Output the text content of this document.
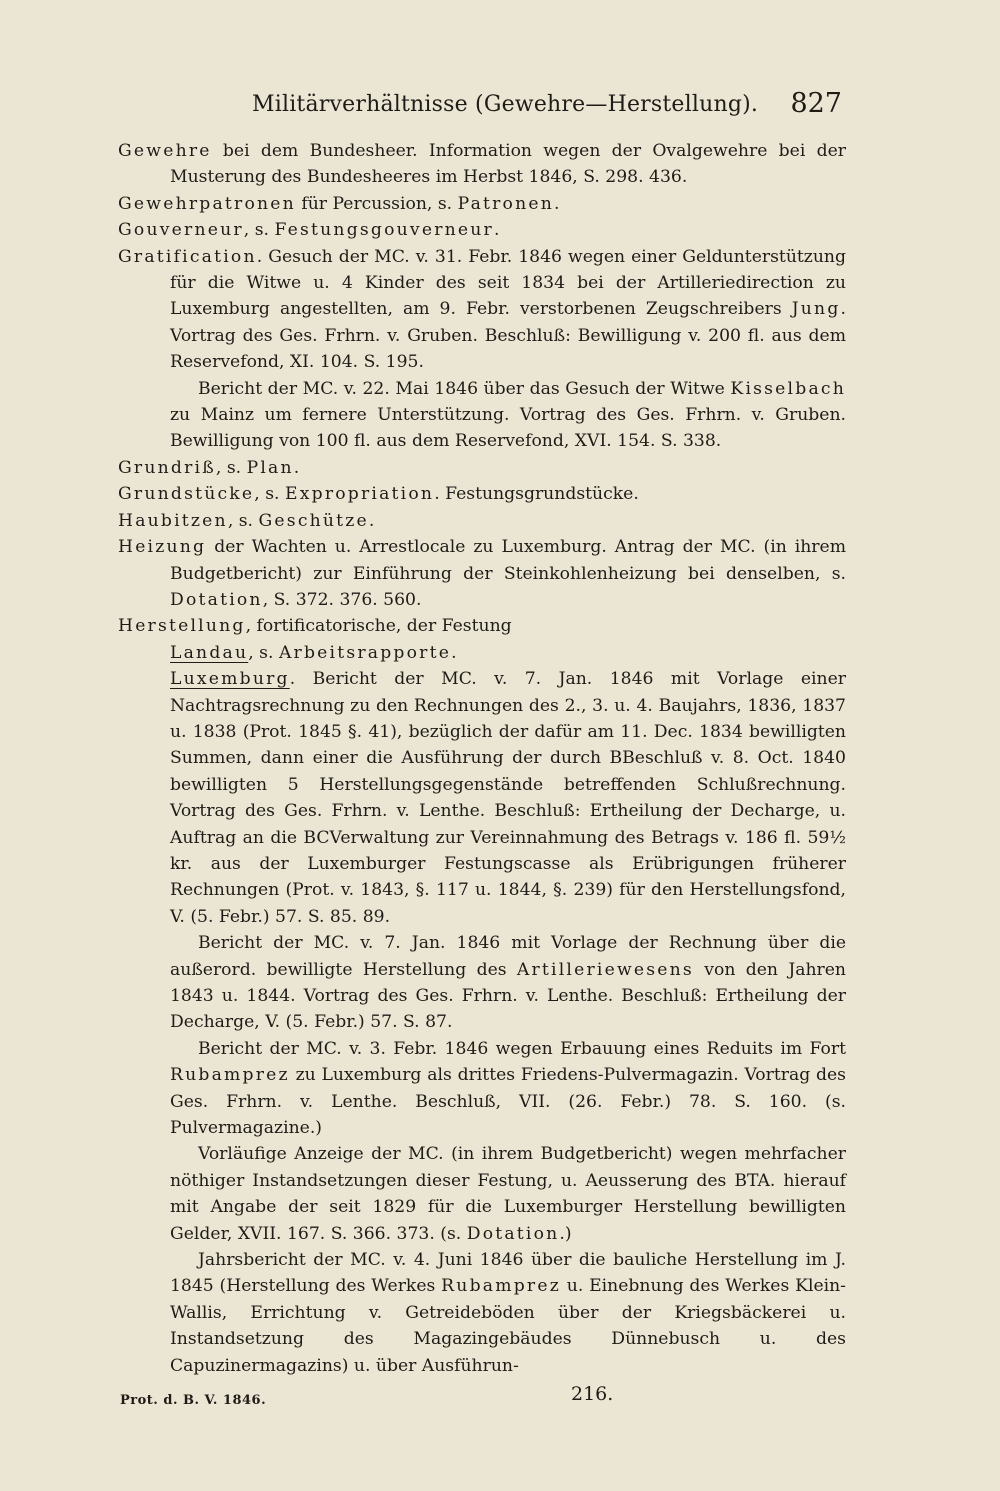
Militärverhältnisse (Gewehre—Herstellung). 827

Gewehre bei dem Bundesheer. Information wegen der Ovalgewehre bei der Musterung des Bundesheeres im Herbst 1846, S. 298. 436.

Gewehrpatronen für Percussion, s. Patronen.

Gouverneur, s. Festungsgouverneur.

Gratification. Gesuch der MC. v. 31. Febr. 1846 wegen einer Geldunterstützung für die Witwe u. 4 Kinder des seit 1834 bei der Artilleriedirection zu Luxemburg angestellten, am 9. Febr. verstorbenen Zeugschreibers Jung. Vortrag des Ges. Frhrn. v. Gruben. Beschluß: Bewilligung v. 200 fl. aus dem Reservefond, XI. 104. S. 195.

Bericht der MC. v. 22. Mai 1846 über das Gesuch der Witwe Kisselbach zu Mainz um fernere Unterstützung. Vortrag des Ges. Frhrn. v. Gruben. Bewilligung von 100 fl. aus dem Reservefond, XVI. 154. S. 338.

Grundriß, s. Plan.

Grundstücke, s. Expropriation. Festungsgrundstücke.

Haubitzen, s. Geschütze.

Heizung der Wachten u. Arrestlocale zu Luxemburg. Antrag der MC. (in ihrem Budgetbericht) zur Einführung der Steinkohlenheizung bei denselben, s. Dotation, S. 372. 376. 560.

Herstellung, fortificatorische, der Festung

Landau, s. Arbeitsrapporte.

Luxemburg. Bericht der MC. v. 7. Jan. 1846 mit Vorlage einer Nachtragsrechnung zu den Rechnungen des 2., 3. u. 4. Baujahrs, 1836, 1837 u. 1838 (Prot. 1845 §. 41), bezüglich der dafür am 11. Dec. 1834 bewilligten Summen, dann einer die Ausführung der durch BBeschluß v. 8. Oct. 1840 bewilligten 5 Herstellungsgegenstände betreffenden Schlußrechnung. Vortrag des Ges. Frhrn. v. Lenthe. Beschluß: Ertheilung der Decharge, u. Auftrag an die BCVerwaltung zur Vereinnahmung des Betrags v. 186 fl. 59½ kr. aus der Luxemburger Festungscasse als Erübrigungen früherer Rechnungen (Prot. v. 1843, §. 117 u. 1844, §. 239) für den Herstellungsfond, V. (5. Febr.) 57. S. 85. 89.

Bericht der MC. v. 7. Jan. 1846 mit Vorlage der Rechnung über die außerord. bewilligte Herstellung des Artilleriewesens von den Jahren 1843 u. 1844. Vortrag des Ges. Frhrn. v. Lenthe. Beschluß: Ertheilung der Decharge, V. (5. Febr.) 57. S. 87.

Bericht der MC. v. 3. Febr. 1846 wegen Erbauung eines Reduits im Fort Rubamprez zu Luxemburg als drittes Friedens-Pulvermagazin. Vortrag des Ges. Frhrn. v. Lenthe. Beschluß, VII. (26. Febr.) 78. S. 160. (s. Pulvermagazine.)

Vorläufige Anzeige der MC. (in ihrem Budgetbericht) wegen mehrfacher nöthiger Instandsetzungen dieser Festung, u. Aeusserung des BTA. hierauf mit Angabe der seit 1829 für die Luxemburger Herstellung bewilligten Gelder, XVII. 167. S. 366. 373. (s. Dotation.)

Jahrsbericht der MC. v. 4. Juni 1846 über die bauliche Herstellung im J. 1845 (Herstellung des Werkes Rubamprez u. Einebnung des Werkes Klein-Wallis, Errichtung v. Getreideböden über der Kriegsbäckerei u. Instandsetzung des Magazingebäudes Dünnebusch u. des Capuzinermagazins) u. über Ausführun-

Prot. d. B. V. 1846.	216.
